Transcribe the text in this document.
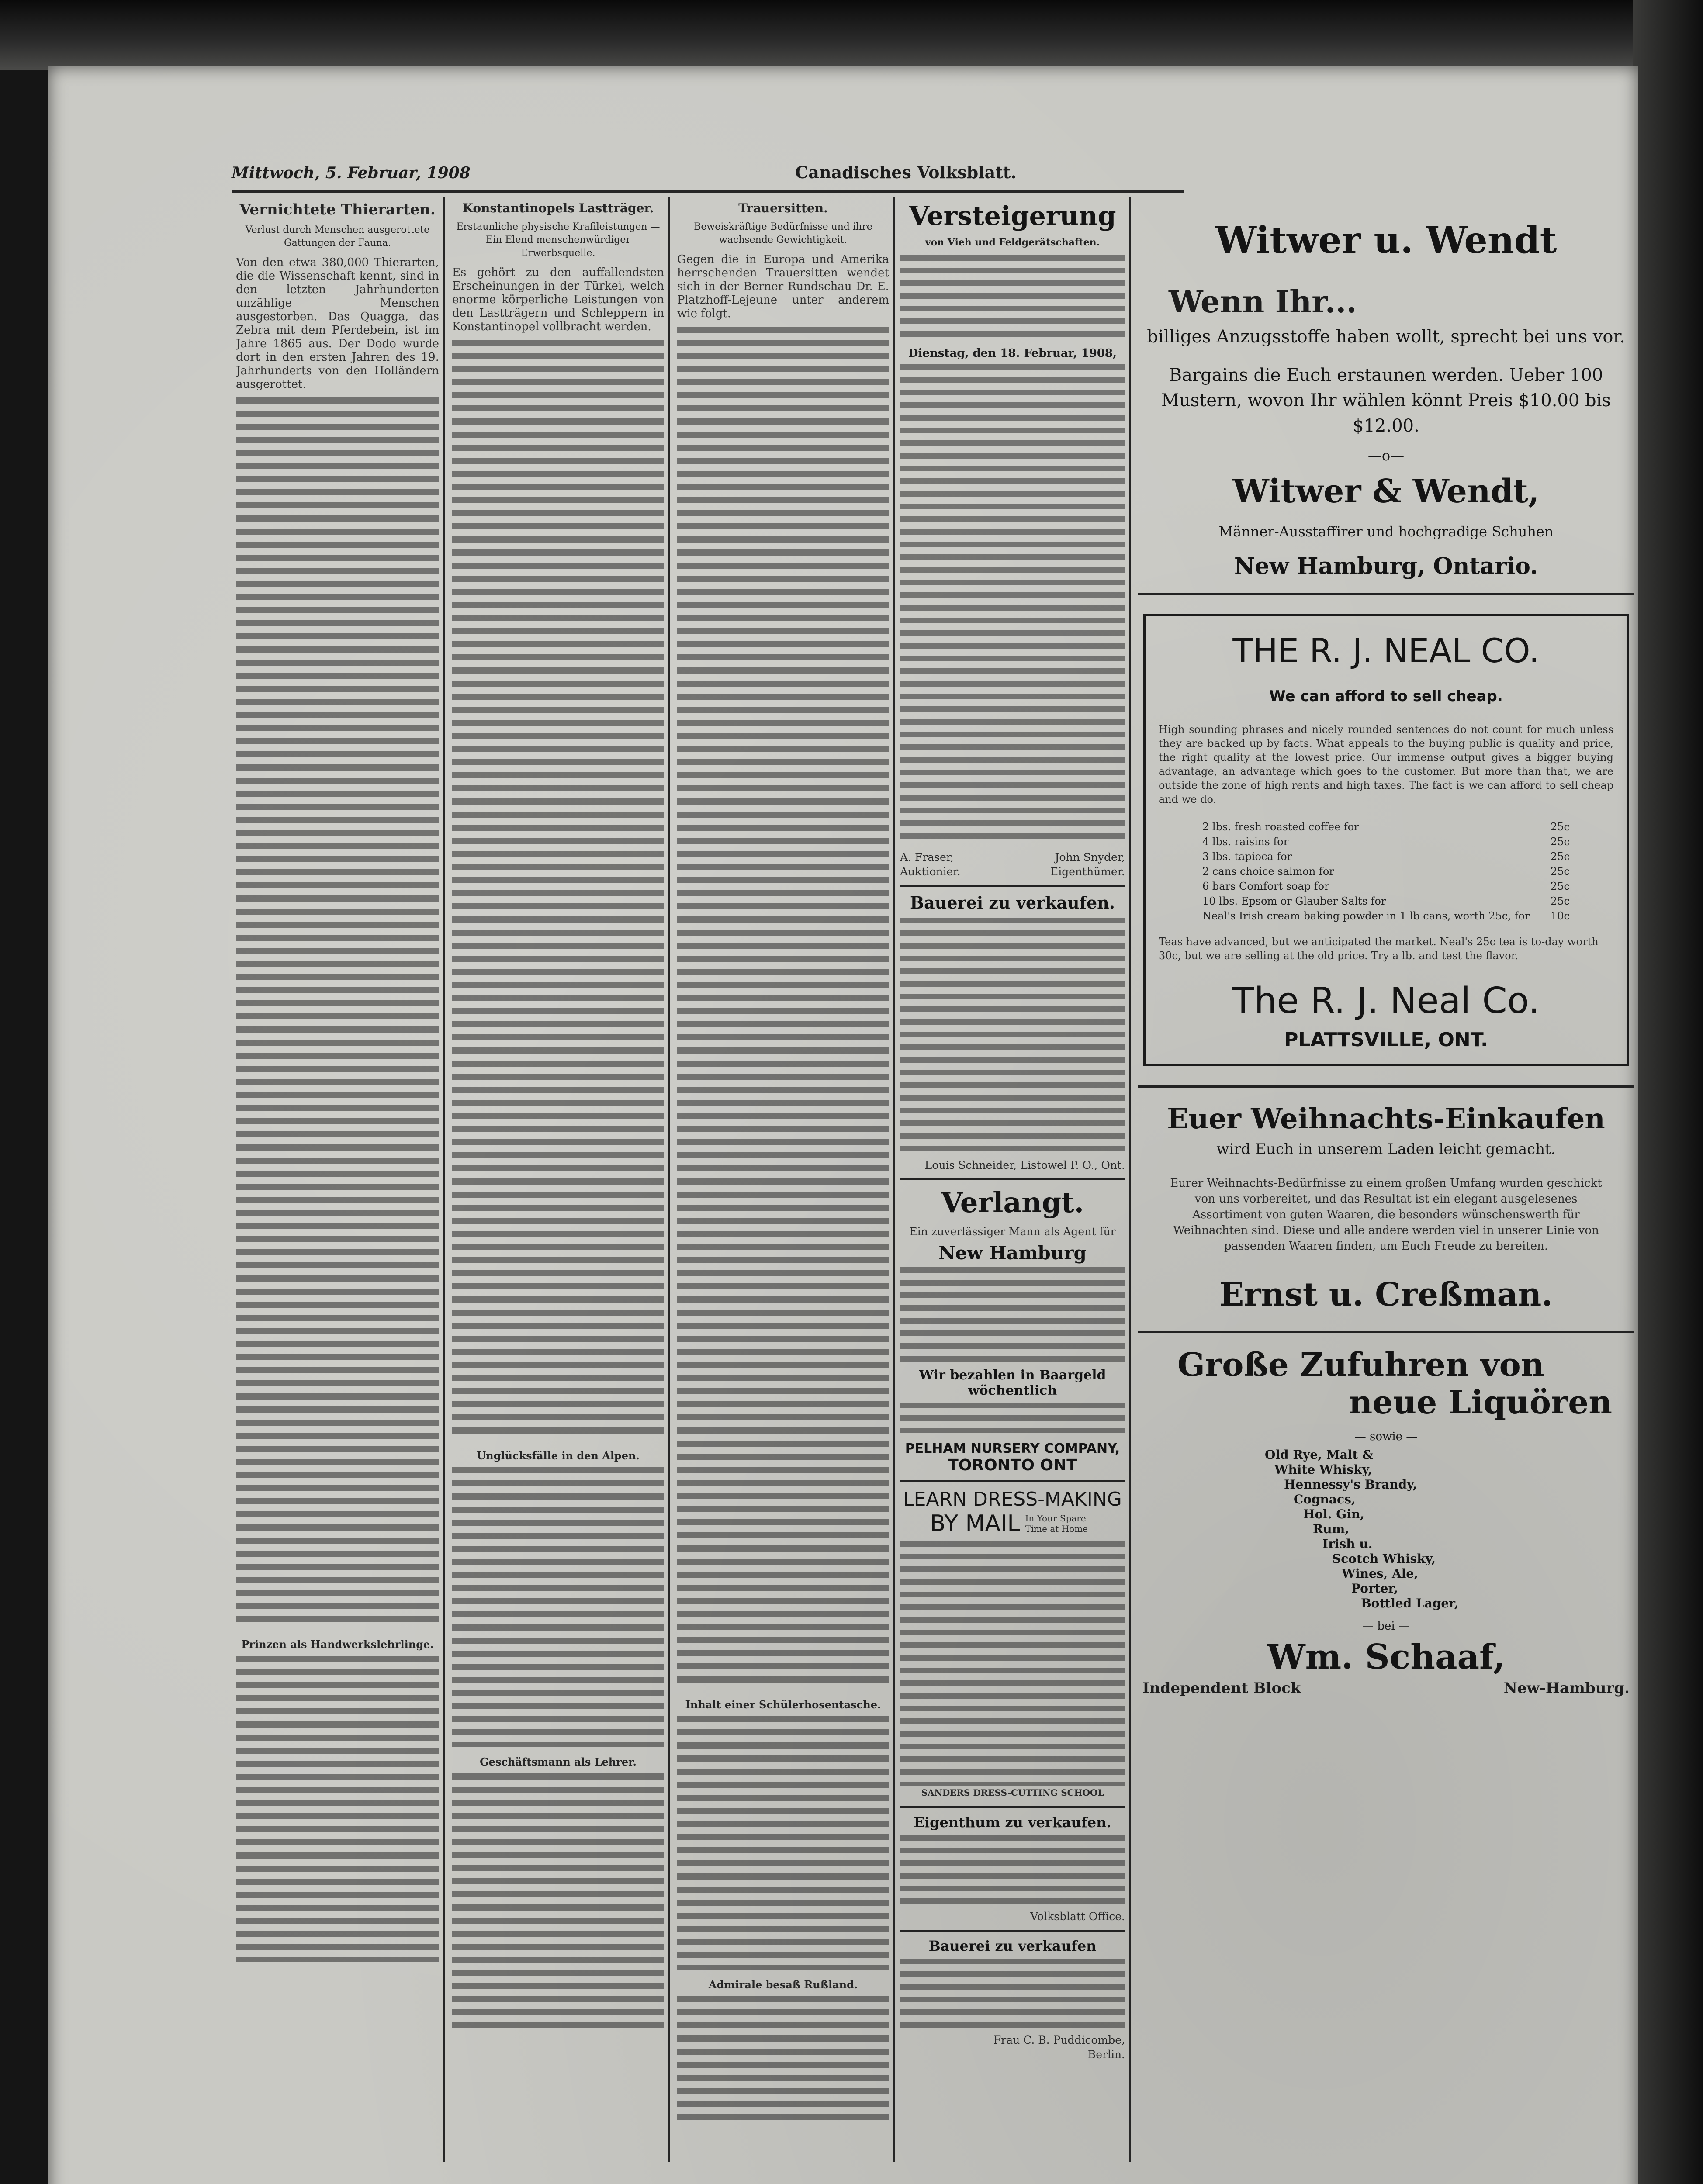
Mittwoch, 5. Februar, 1908	Canadisches Volksblatt.
Vernichtete Thierarten.
Verlust durch Menschen ausgerottete Gattungen der Fauna.
Von den etwa 380,000 Thierarten, die die Wissenschaft kennt, sind in den letzten Jahrhunderten unzählige Menschen ausgestorben. Das Quagga, das Zebra mit dem Pferdebein, ist im Jahre 1865 aus. Der Dodo wurde dort in den ersten Jahren des 19. Jahrhunderts von den Holländern ausgerottet.
Prinzen als Handwerkslehrlinge.
Konstantinopels Lastträger.
Erstaunliche physische Krafileistungen — Ein Elend menschenwürdiger Erwerbsquelle.
Es gehört zu den auffallendsten Erscheinungen in der Türkei, welch enorme körperliche Leistungen von den Lastträgern und Schleppern in Konstantinopel vollbracht werden.
Unglücksfälle in den Alpen.
Geschäftsmann als Lehrer.
Trauersitten.
Beweiskräftige Bedürfnisse und ihre wachsende Gewichtigkeit.
Gegen die in Europa und Amerika herrschenden Trauersitten wendet sich in der Berner Rundschau Dr. E. Platzhoff-Lejeune unter anderem wie folgt.
Inhalt einer Schülerhosentasche.
Admirale besaß Rußland.
Versteigerung
von Vieh und Feldgerätschaften.
Dienstag, den 18. Februar, 1908,
A. Fraser, Auktionier.
John Snyder, Eigenthümer.
Bauerei zu verkaufen.
Louis Schneider, Listowel P. O., Ont.
Verlangt.
Ein zuverlässiger Mann als Agent für
New Hamburg
Wir bezahlen in Baargeld wöchentlich
PELHAM NURSERY COMPANY,
TORONTO ONT
LEARN DRESS-MAKING
BY MAIL In Your Spare Time at Home
SANDERS DRESS-CUTTING SCHOOL
Eigenthum zu verkaufen.
Volksblatt Office.
Bauerei zu verkaufen
Frau C. B. Puddicombe,
Berlin.
Witwer u. Wendt
Wenn Ihr...
billiges Anzugsstoffe haben wollt, sprecht bei uns vor.
Bargains die Euch erstaunen werden. Ueber 100 Mustern, wovon Ihr wählen könnt Preis $10.00 bis $12.00.
—o—
Witwer & Wendt,
Männer-Ausstaffirer und hochgradige Schuhen
New Hamburg, Ontario.
THE R. J. NEAL CO.
We can afford to sell cheap.
High sounding phrases and nicely rounded sentences do not count for much unless they are backed up by facts. What appeals to the buying public is quality and price, the right quality at the lowest price. Our immense output gives a bigger buying advantage, an advantage which goes to the customer. But more than that, we are outside the zone of high rents and high taxes. The fact is we can afford to sell cheap and we do.
2 lbs. fresh roasted coffee for	25c
4 lbs. raisins for	25c
3 lbs. tapioca for	25c
2 cans choice salmon for	25c
6 bars Comfort soap for	25c
10 lbs. Epsom or Glauber Salts for	25c
Neal's Irish cream baking powder in 1 lb cans, worth 25c, for 10c
Teas have advanced, but we anticipated the market. Neal's 25c tea is to-day worth 30c, but we are selling at the old price. Try a lb. and test the flavor.
The R. J. Neal Co.
PLATTSVILLE, ONT.
Euer Weihnachts-Einkaufen
wird Euch in unserem Laden leicht gemacht.
Eurer Weihnachts-Bedürfnisse zu einem großen Umfang wurden geschickt von uns vorbereitet, und das Resultat ist ein elegant ausgelesenes Assortiment von guten Waaren, die besonders wünschenswerth für Weihnachten sind. Diese und alle andere werden viel in unserer Linie von passenden Waaren finden, um Euch Freude zu bereiten.
Ernst u. Creßman.
Große Zufuhren von
neue Liquören
— sowie —
Old Rye, Malt &
White Whisky,
Hennessy's Brandy,
Cognacs,
Hol. Gin,
Rum,
Irish u.
Scotch Whisky,
Wines, Ale,
Porter,
Bottled Lager,
— bei —
Wm. Schaaf,
Independent Block	New-Hamburg.
